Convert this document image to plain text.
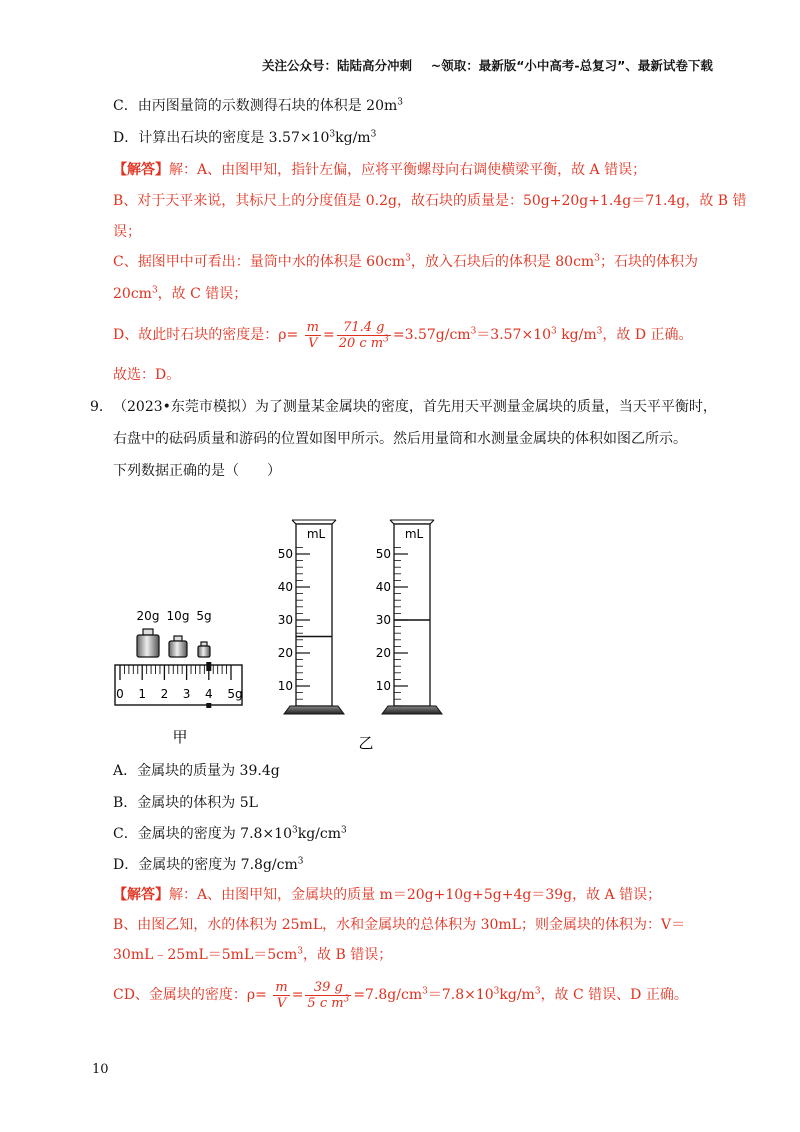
关注公众号：陆陆高分冲刺 ~领取：最新版“小中高考-总复习”、最新试卷下载
C．由丙图量筒的示数测得石块的体积是 $20m^3$
D．计算出石块的密度是 $3.57\times 10^3kg/m^3$
【解答】解：A、由图甲知，指针左偏，应将平衡螺母向右调使横梁平衡，故 A 错误；
B、对于天平来说，其标尺上的分度值是 0.2g，故石块的质量是：50g+20g+1.4g＝71.4g，故 B 错
误；
C、据图甲中可看出：量筒中水的体积是 $60cm^3$，放入石块后的体积是 $80cm^3$；石块的体积为
$20cm^3$，故 C 错误；
D、故此时石块的密度是：$\rho= \frac{m}{V} = \frac{71.4 g}{20 c m^3} =3.57g/cm^3=3.57\times 10^3$ $kg/m^3$，故 D 正确。
故选：D。
9． （2023•东莞市模拟）为了测量某金属块的密度，首先用天平测量金属块的质量，当天平平衡时，
右盘中的砝码质量和游码的位置如图甲所示。然后用量筒和水测量金属块的体积如图乙所示。
下列数据正确的是（　　）
20g 10g 5g
0 1 2 3 4 5g
甲
50
40
30
20
10
mL
50
40
30
20
10
mL
乙
A．金属块的质量为 39.4g
B．金属块的体积为 5L
C．金属块的密度为 $7.8\times 10^3kg/cm^3$
D．金属块的密度为 $7.8g/cm^3$
【解答】解：A、由图甲知，金属块的质量 m＝20g+10g+5g+4g＝39g，故 A 错误；
B、由图乙知，水的体积为 25mL，水和金属块的总体积为 30mL；则金属块的体积为：V＝
$30mL﹣25mL=5mL=5cm^3$，故 B 错误；
CD、金属块的密度：$\rho= \frac{m}{V} = \frac{39 g}{5 c m^3} =7.8g/cm^3=7.8\times 10^3kg/m^3$，故 C 错误、D 正确。
10
